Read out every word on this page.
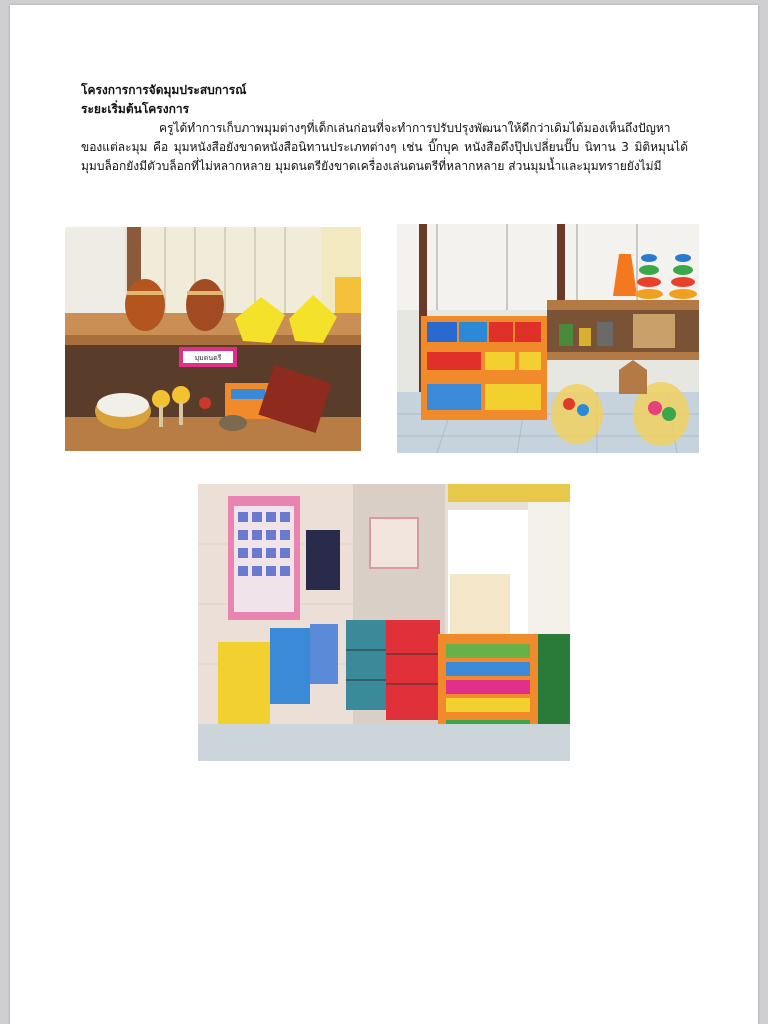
โครงการการจัดมุมประสบการณ์
ระยะเริ่มต้นโครงการ
ครูได้ทำการเก็บภาพมุมต่างๆที่เด็กเล่นก่อนที่จะทำการปรับปรุงพัฒนาให้ดีกว่าเดิมได้มองเห็นถึงปัญหาของแต่ละมุม คือ มุมหนังสือยังขาดหนังสือนิทานประเภทต่างๆ เช่น บิ๊กบุค หนังสือดึงปุ๊ปเปลี่ยนปั๊บ นิทาน 3 มิติหมุนได้ มุมบล็อกยังมีตัวบล็อกที่ไม่หลากหลาย มุมดนตรียังขาดเครื่องเล่นดนตรีที่หลากหลาย ส่วนมุมน้ำและมุมทรายยังไม่มี
มุมดนตรี
